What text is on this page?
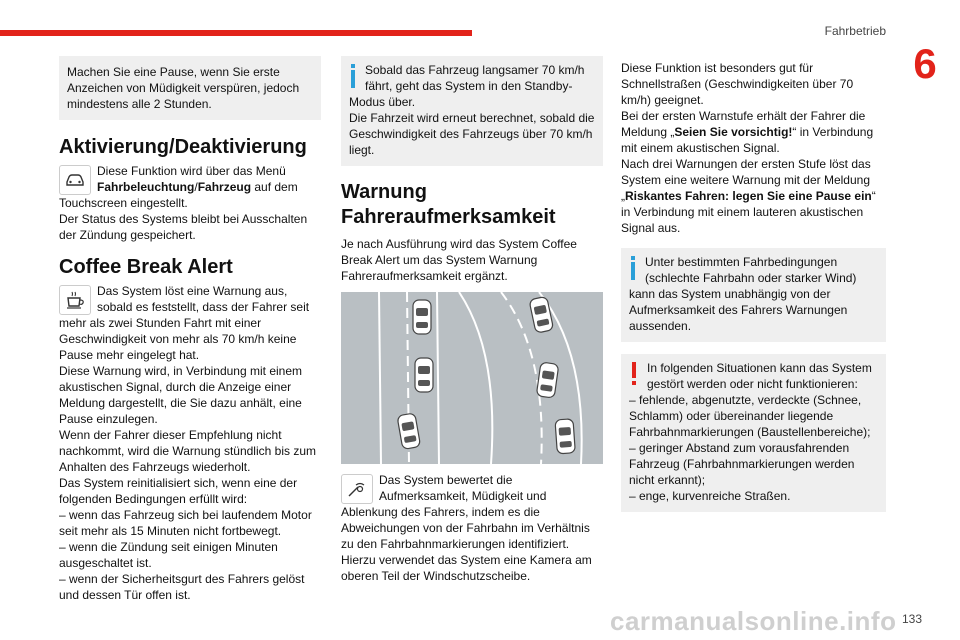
Fahrbetrieb
6

Machen Sie eine Pause, wenn Sie erste Anzeichen von Müdigkeit verspüren, jedoch mindestens alle 2 Stunden.

Aktivierung/Deaktivierung

Diese Funktion wird über das Menü Fahrbeleuchtung/Fahrzeug auf dem Touchscreen eingestellt.

Der Status des Systems bleibt bei Ausschalten der Zündung gespeichert.

Coffee Break Alert

Das System löst eine Warnung aus, sobald es feststellt, dass der Fahrer seit mehr als zwei Stunden Fahrt mit einer Geschwindigkeit von mehr als 70 km/h keine Pause mehr eingelegt hat.

Diese Warnung wird, in Verbindung mit einem akustischen Signal, durch die Anzeige einer Meldung dargestellt, die Sie dazu anhält, eine Pause einzulegen.

Wenn der Fahrer dieser Empfehlung nicht nachkommt, wird die Warnung stündlich bis zum Anhalten des Fahrzeugs wiederholt.

Das System reinitialisiert sich, wenn eine der folgenden Bedingungen erfüllt wird:

– wenn das Fahrzeug sich bei laufendem Motor seit mehr als 15 Minuten nicht fortbewegt.

– wenn die Zündung seit einigen Minuten ausgeschaltet ist.

– wenn der Sicherheitsgurt des Fahrers gelöst und dessen Tür offen ist.

Sobald das Fahrzeug langsamer 70 km/h fährt, geht das System in den Standby-Modus über.

Die Fahrzeit wird erneut berechnet, sobald die Geschwindigkeit des Fahrzeugs über 70 km/h liegt.

Warnung
Fahreraufmerksamkeit

Je nach Ausführung wird das System Coffee Break Alert um das System Warnung Fahreraufmerksamkeit ergänzt.

Das System bewertet die Aufmerksamkeit, Müdigkeit und Ablenkung des Fahrers, indem es die Abweichungen von der Fahrbahn im Verhältnis zu den Fahrbahnmarkierungen identifiziert.

Hierzu verwendet das System eine Kamera am oberen Teil der Windschutzscheibe.

Diese Funktion ist besonders gut für Schnellstraßen (Geschwindigkeiten über 70 km/h) geeignet.

Bei der ersten Warnstufe erhält der Fahrer die Meldung „Seien Sie vorsichtig!“ in Verbindung mit einem akustischen Signal.

Nach drei Warnungen der ersten Stufe löst das System eine weitere Warnung mit der Meldung „Riskantes Fahren: legen Sie eine Pause ein“ in Verbindung mit einem lauteren akustischen Signal aus.

Unter bestimmten Fahrbedingungen (schlechte Fahrbahn oder starker Wind) kann das System unabhängig von der Aufmerksamkeit des Fahrers Warnungen aussenden.

In folgenden Situationen kann das System gestört werden oder nicht funktionieren:

– fehlende, abgenutzte, verdeckte (Schnee, Schlamm) oder übereinander liegende Fahrbahnmarkierungen (Baustellenbereiche);

– geringer Abstand zum vorausfahrenden Fahrzeug (Fahrbahnmarkierungen werden nicht erkannt);

– enge, kurvenreiche Straßen.

carmanualsonline.info 133
